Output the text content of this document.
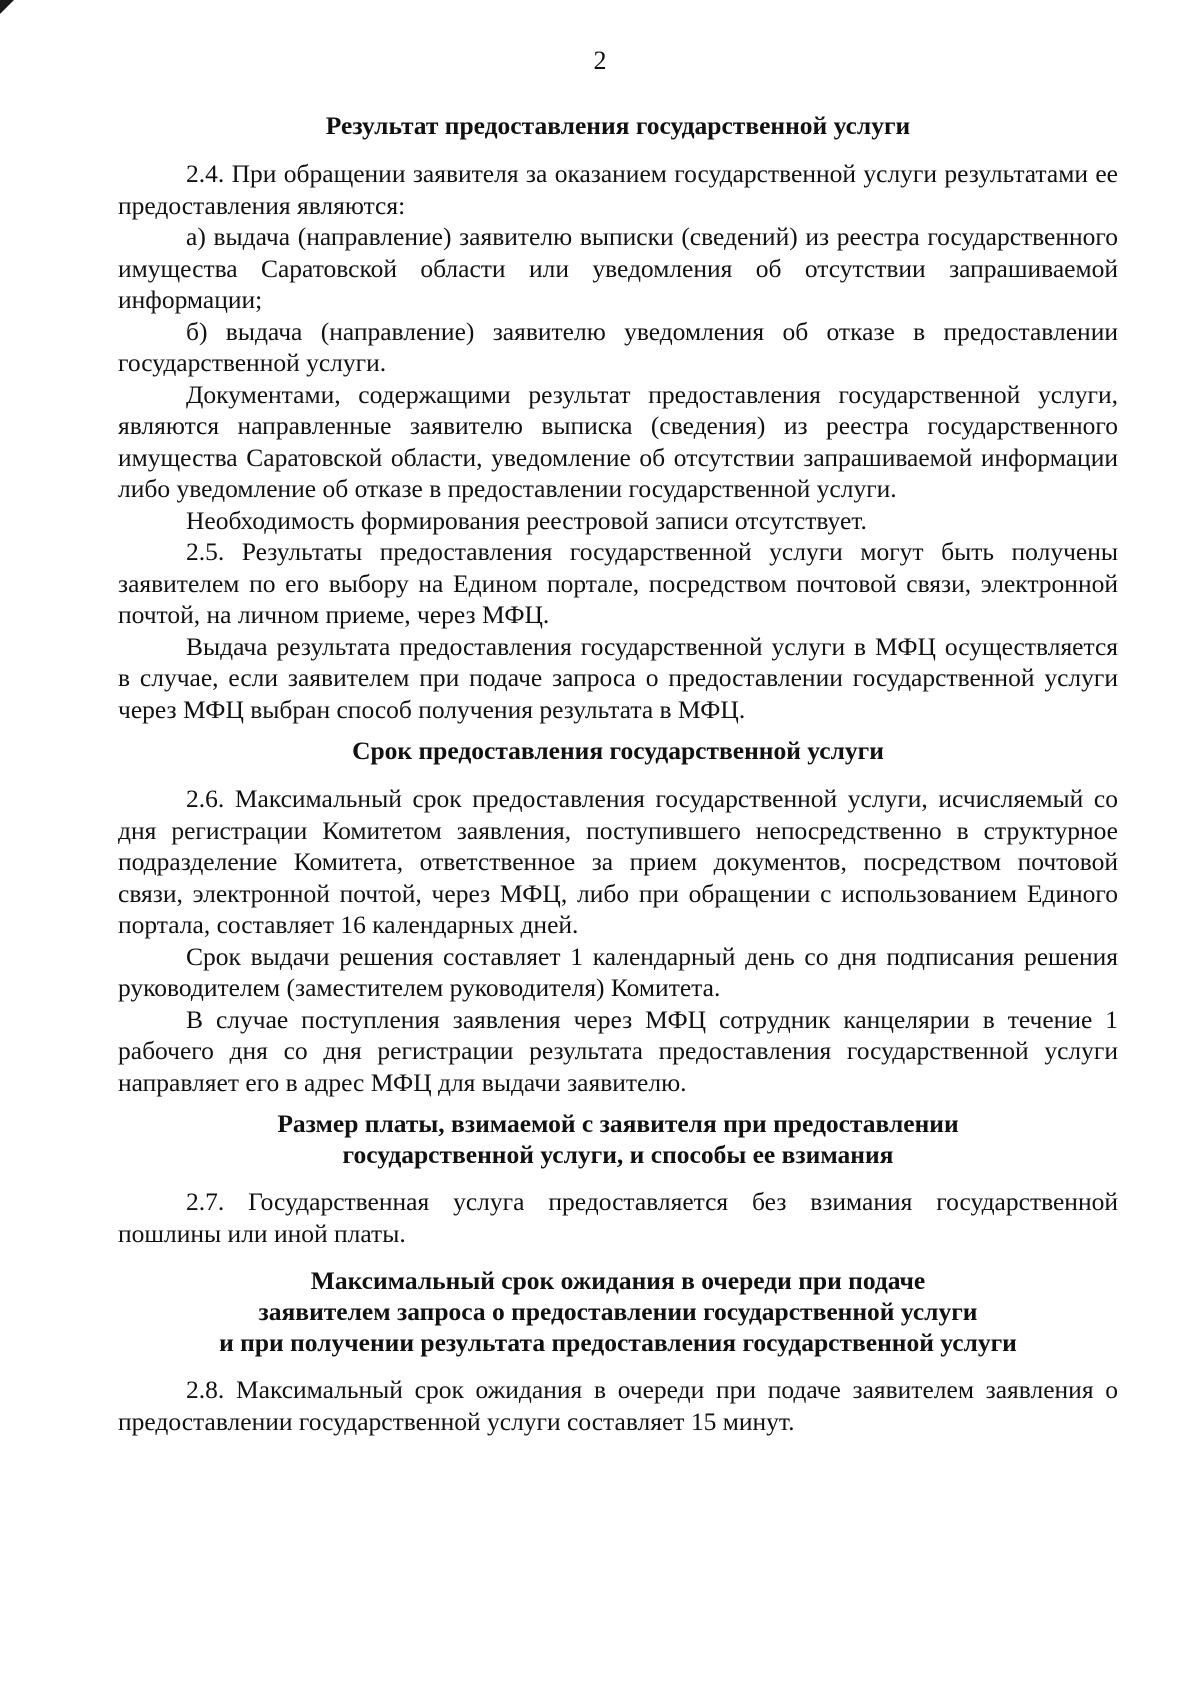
2
Результат предоставления государственной услуги

2.4. При обращении заявителя за оказанием государственной услуги результатами ее предоставления являются:

а) выдача (направление) заявителю выписки (сведений) из реестра государственного имущества Саратовской области или уведомления об отсутствии запрашиваемой информации;

б) выдача (направление) заявителю уведомления об отказе в предоставлении государственной услуги.

Документами, содержащими результат предоставления государственной услуги, являются направленные заявителю выписка (сведения) из реестра государственного имущества Саратовской области, уведомление об отсутствии запрашиваемой информации либо уведомление об отказе в предоставлении государственной услуги.

Необходимость формирования реестровой записи отсутствует.

2.5. Результаты предоставления государственной услуги могут быть получены заявителем по его выбору на Едином портале, посредством почтовой связи, электронной почтой, на личном приеме, через МФЦ.

Выдача результата предоставления государственной услуги в МФЦ осуществляется в случае, если заявителем при подаче запроса о предоставлении государственной услуги через МФЦ выбран способ получения результата в МФЦ.

Срок предоставления государственной услуги

2.6. Максимальный срок предоставления государственной услуги, исчисляемый со дня регистрации Комитетом заявления, поступившего непосредственно в структурное подразделение Комитета, ответственное за прием документов, посредством почтовой связи, электронной почтой, через МФЦ, либо при обращении с использованием Единого портала, составляет 16 календарных дней.

Срок выдачи решения составляет 1 календарный день со дня подписания решения руководителем (заместителем руководителя) Комитета.

В случае поступления заявления через МФЦ сотрудник канцелярии в течение 1 рабочего дня со дня регистрации результата предоставления государственной услуги направляет его в адрес МФЦ для выдачи заявителю.

Размер платы, взимаемой с заявителя при предоставлении
государственной услуги, и способы ее взимания

2.7. Государственная услуга предоставляется без взимания государственной пошлины или иной платы.

Максимальный срок ожидания в очереди при подаче
заявителем запроса о предоставлении государственной услуги
и при получении результата предоставления государственной услуги

2.8. Максимальный срок ожидания в очереди при подаче заявителем заявления о предоставлении государственной услуги составляет 15 минут.
